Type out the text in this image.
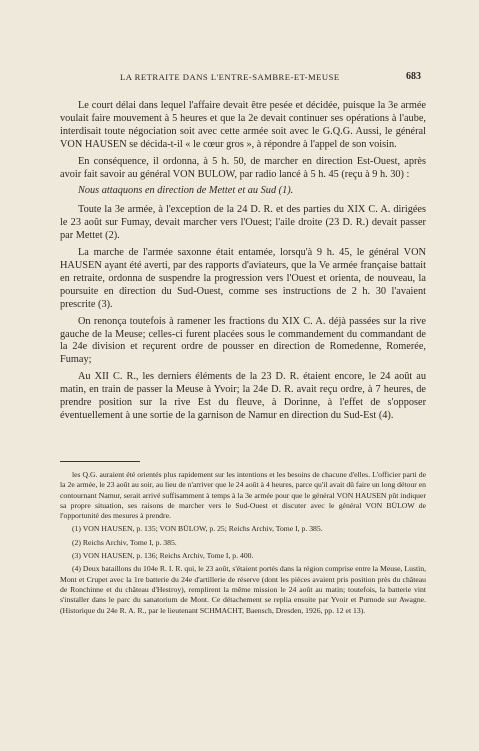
LA RETRAITE DANS L'ENTRE-SAMBRE-ET-MEUSE	683

Le court délai dans lequel l'affaire devait être pesée et décidée, puisque la 3e armée voulait faire mouvement à 5 heures et que la 2e devait continuer ses opérations à l'aube, interdisait toute négociation soit avec cette armée soit avec le G.Q.G. Aussi, le général VON HAUSEN se décida-t-il « le cœur gros », à répondre à l'appel de son voisin.

En conséquence, il ordonna, à 5 h. 50, de marcher en direction Est-Ouest, après avoir fait savoir au général VON BULOW, par radio lancé à 5 h. 45 (reçu à 9 h. 30) :

Nous attaquons en direction de Mettet et au Sud (1).

Toute la 3e armée, à l'exception de la 24 D. R. et des parties du XIX C. A. dirigées le 23 août sur Fumay, devait marcher vers l'Ouest; l'aile droite (23 D. R.) devait passer par Mettet (2).

La marche de l'armée saxonne était entamée, lorsqu'à 9 h. 45, le général VON HAUSEN ayant été averti, par des rapports d'aviateurs, que la Ve armée française battait en retraite, ordonna de suspendre la progression vers l'Ouest et orienta, de nouveau, la poursuite en direction du Sud-Ouest, comme ses instructions de 2 h. 30 l'avaient prescrite (3).

On renonça toutefois à ramener les fractions du XIX C. A. déjà passées sur la rive gauche de la Meuse; celles-ci furent placées sous le commandement du commandant de la 24e division et reçurent ordre de pousser en direction de Romedenne, Romerée, Fumay;

Au XII C. R., les derniers éléments de la 23 D. R. étaient encore, le 24 août au matin, en train de passer la Meuse à Yvoir; la 24e D. R. avait reçu ordre, à 7 heures, de prendre position sur la rive Est du fleuve, à Dorinne, à l'effet de s'opposer éventuellement à une sortie de la garnison de Namur en direction du Sud-Est (4).

les Q.G. auraient été orientés plus rapidement sur les intentions et les besoins de chacune d'elles. L'officier parti de la 2e armée, le 23 août au soir, au lieu de n'arriver que le 24 août à 4 heures, parce qu'il avait dû faire un long détour en contournant Namur, serait arrivé suffisamment à temps à la 3e armée pour que le général VON HAUSEN pût indiquer sa propre situation, ses raisons de marcher vers le Sud-Ouest et discuter avec le général VON BÜLOW de l'opportunité des mesures à prendre.

(1) VON HAUSEN, p. 135; VON BÜLOW, p. 25; Reichs Archiv, Tome I, p. 385.

(2) Reichs Archiv, Tome I, p. 385.

(3) VON HAUSEN, p. 136; Reichs Archiv, Tome I, p. 400.

(4) Deux bataillons du 104e R. I. R. qui, le 23 août, s'étaient portés dans la région comprise entre la Meuse, Lustin, Mont et Crupet avec la 1re batterie du 24e d'artillerie de réserve (dont les pièces avaient pris position près du château de Ronchinne et du château d'Hestroy), remplirent la même mission le 24 août au matin; toutefois, la batterie vint s'installer dans le parc du sanatorium de Mont. Ce détachement se replia ensuite par Yvoir et Purnode sur Awagne. (Historique du 24e R. A. R., par le lieutenant SCHMACHT, Baensch, Dresden, 1926, pp. 12 et 13).
